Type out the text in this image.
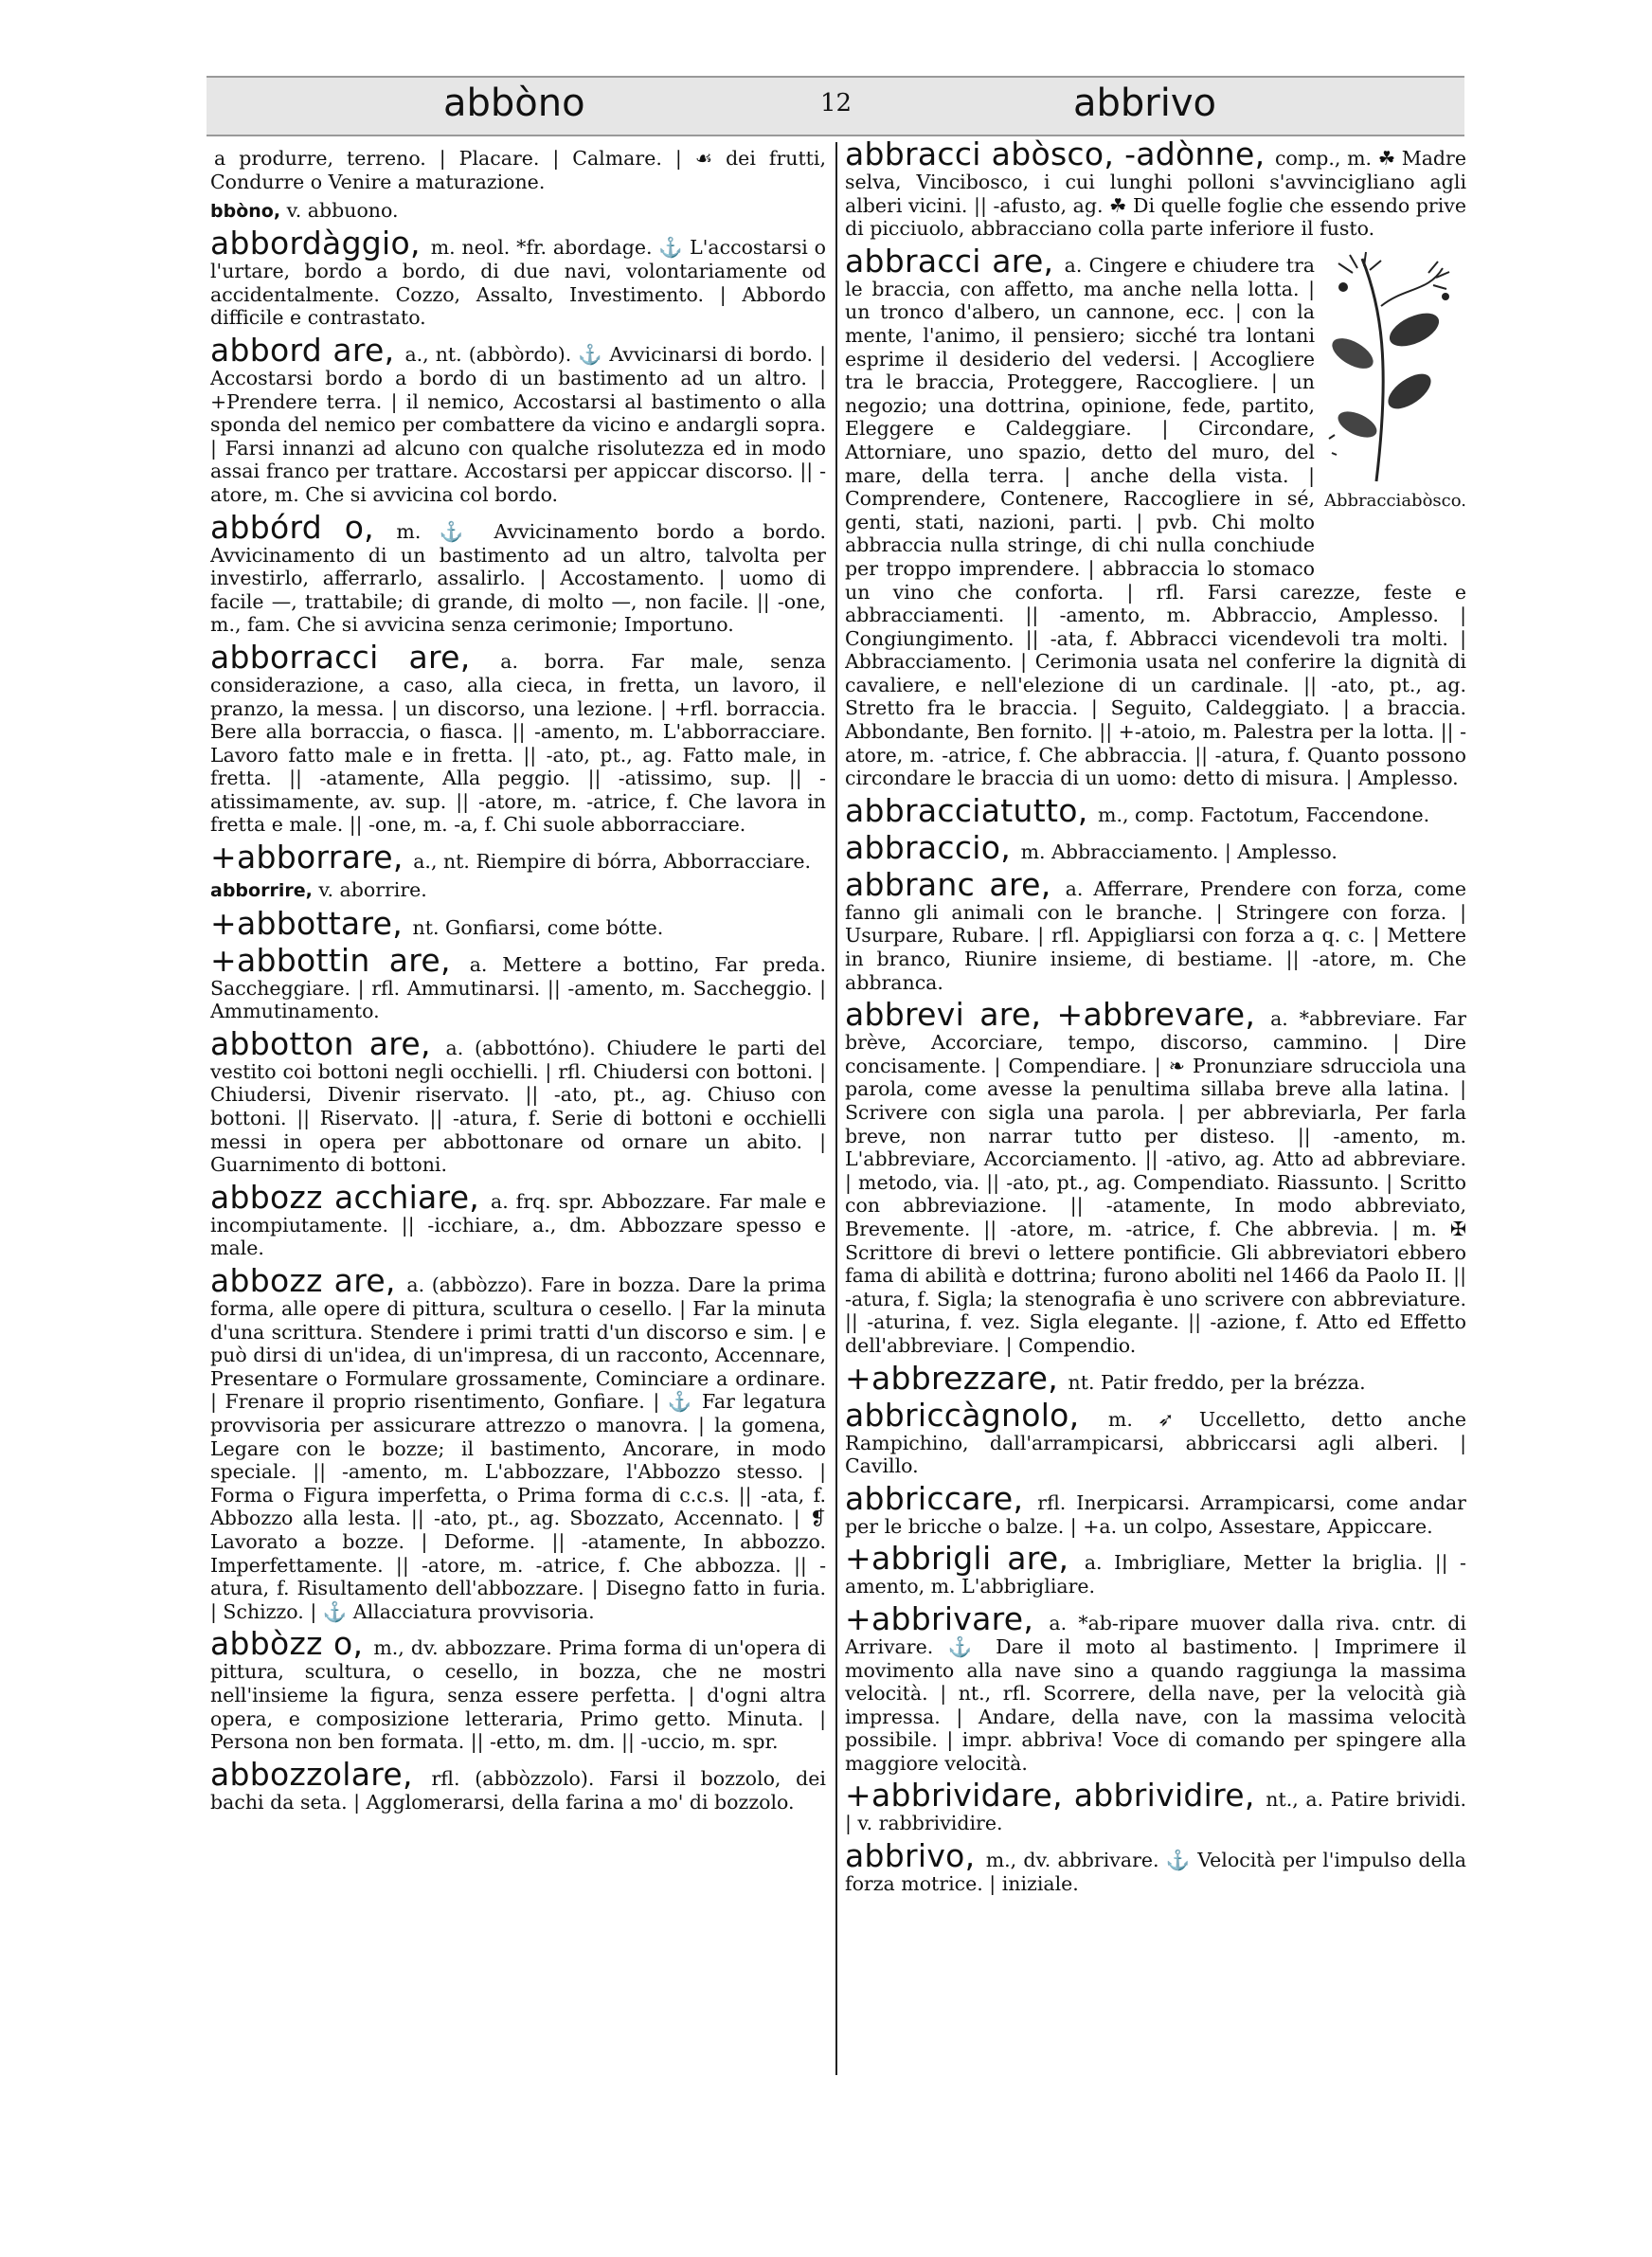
abbòno	12	abbrivo

a produrre, terreno. | Placare. | Calmare. | ☙ dei frutti, Condurre o Venire a maturazione.

bbòno, v. abbuono.

abbordàggio, m. neol. *fr. abordage. ⚓ L'accostarsi o l'urtare, bordo a bordo, di due navi, volontariamente od accidentalmente. Cozzo, Assalto, Investimento. | Abbordo difficile e contrastato.

abbord are, a., nt. (abbòrdo). ⚓ Avvicinarsi di bordo. | Accostarsi bordo a bordo di un bastimento ad un altro. | +Prendere terra. | il nemico, Accostarsi al bastimento o alla sponda del nemico per combattere da vicino e andargli sopra. | Farsi innanzi ad alcuno con qualche risolutezza ed in modo assai franco per trattare. Accostarsi per appiccar discorso. || -atore, m. Che si avvicina col bordo.

abbórd o, m. ⚓ Avvicinamento bordo a bordo. Avvicinamento di un bastimento ad un altro, talvolta per investirlo, afferrarlo, assalirlo. | Accostamento. | uomo di facile —, trattabile; di grande, di molto —, non facile. || -one, m., fam. Che si avvicina senza cerimonie; Importuno.

abborracci are, a. borra. Far male, senza considerazione, a caso, alla cieca, in fretta, un lavoro, il pranzo, la messa. | un discorso, una lezione. | +rfl. borraccia. Bere alla borraccia, o fiasca. || -amento, m. L'abborracciare. Lavoro fatto male e in fretta. || -ato, pt., ag. Fatto male, in fretta. || -atamente, Alla peggio. || -atissimo, sup. || -atissimamente, av. sup. || -atore, m. -atrice, f. Che lavora in fretta e male. || -one, m. -a, f. Chi suole abborracciare.

+abborrare, a., nt. Riempire di bórra, Abborracciare.

abborrire, v. aborrire.

+abbottare, nt. Gonfiarsi, come bótte.

+abbottin are, a. Mettere a bottino, Far preda. Saccheggiare. | rfl. Ammutinarsi. || -amento, m. Saccheggio. | Ammutinamento.

abbotton are, a. (abbottóno). Chiudere le parti del vestito coi bottoni negli occhielli. | rfl. Chiudersi con bottoni. | Chiudersi, Divenir riservato. || -ato, pt., ag. Chiuso con bottoni. || Riservato. || -atura, f. Serie di bottoni e occhielli messi in opera per abbottonare od ornare un abito. | Guarnimento di bottoni.

abbozz acchiare, a. frq. spr. Abbozzare. Far male e incompiutamente. || -icchiare, a., dm. Abbozzare spesso e male.

abbozz are, a. (abbòzzo). Fare in bozza. Dare la prima forma, alle opere di pittura, scultura o cesello. | Far la minuta d'una scrittura. Stendere i primi tratti d'un discorso e sim. | e può dirsi di un'idea, di un'impresa, di un racconto, Accennare, Presentare o Formulare grossamente, Cominciare a ordinare. | Frenare il proprio risentimento, Gonfiare. | ⚓ Far legatura provvisoria per assicurare attrezzo o manovra. | la gomena, Legare con le bozze; il bastimento, Ancorare, in modo speciale. || -amento, m. L'abbozzare, l'Abbozzo stesso. | Forma o Figura imperfetta, o Prima forma di c.c.s. || -ata, f. Abbozzo alla lesta. || -ato, pt., ag. Sbozzato, Accennato. | ❡ Lavorato a bozze. | Deforme. || -atamente, In abbozzo. Imperfettamente. || -atore, m. -atrice, f. Che abbozza. || -atura, f. Risultamento dell'abbozzare. | Disegno fatto in furia. | Schizzo. | ⚓ Allacciatura provvisoria.

abbòzz o, m., dv. abbozzare. Prima forma di un'opera di pittura, scultura, o cesello, in bozza, che ne mostri nell'insieme la figura, senza essere perfetta. | d'ogni altra opera, e composizione letteraria, Primo getto. Minuta. | Persona non ben formata. || -etto, m. dm. || -uccio, m. spr.

abbozzolare, rfl. (abbòzzolo). Farsi il bozzolo, dei bachi da seta. | Agglomerarsi, della farina a mo' di bozzolo.

abbracci abòsco, -adònne, comp., m. ☘ Madre selva, Vincibosco, i cui lunghi polloni s'avvincigliano agli alberi vicini. || -afusto, ag. ☘ Di quelle foglie che essendo prive di picciuolo, abbracciano colla parte inferiore il fusto.

Abbracciabòsco.

abbracci are, a. Cingere e chiudere tra le braccia, con affetto, ma anche nella lotta. | un tronco d'albero, un cannone, ecc. | con la mente, l'animo, il pensiero; sicché tra lontani esprime il desiderio del vedersi. | Accogliere tra le braccia, Proteggere, Raccogliere. | un negozio; una dottrina, opinione, fede, partito, Eleggere e Caldeggiare. | Circondare, Attorniare, uno spazio, detto del muro, del mare, della terra. | anche della vista. | Comprendere, Contenere, Raccogliere in sé, genti, stati, nazioni, parti. | pvb. Chi molto abbraccia nulla stringe, di chi nulla conchiude per troppo imprendere. | abbraccia lo stomaco un vino che conforta. | rfl. Farsi carezze, feste e abbracciamenti. || -amento, m. Abbraccio, Amplesso. | Congiungimento. || -ata, f. Abbracci vicendevoli tra molti. | Abbracciamento. | Cerimonia usata nel conferire la dignità di cavaliere, e nell'elezione di un cardinale. || -ato, pt., ag. Stretto fra le braccia. | Seguito, Caldeggiato. | a braccia. Abbondante, Ben fornito. || +-atoio, m. Palestra per la lotta. || -atore, m. -atrice, f. Che abbraccia. || -atura, f. Quanto possono circondare le braccia di un uomo: detto di misura. | Amplesso.

abbracciatutto, m., comp. Factotum, Faccendone.

abbraccio, m. Abbracciamento. | Amplesso.

abbranc are, a. Afferrare, Prendere con forza, come fanno gli animali con le branche. | Stringere con forza. | Usurpare, Rubare. | rfl. Appigliarsi con forza a q. c. | Mettere in branco, Riunire insieme, di bestiame. || -atore, m. Che abbranca.

abbrevi are, +abbrevare, a. *abbreviare. Far brève, Accorciare, tempo, discorso, cammino. | Dire concisamente. | Compendiare. | ❧ Pronunziare sdrucciola una parola, come avesse la penultima sillaba breve alla latina. | Scrivere con sigla una parola. | per abbreviarla, Per farla breve, non narrar tutto per disteso. || -amento, m. L'abbreviare, Accorciamento. || -ativo, ag. Atto ad abbreviare. | metodo, via. || -ato, pt., ag. Compendiato. Riassunto. | Scritto con abbreviazione. || -atamente, In modo abbreviato, Brevemente. || -atore, m. -atrice, f. Che abbrevia. | m. ✠ Scrittore di brevi o lettere pontificie. Gli abbreviatori ebbero fama di abilità e dottrina; furono aboliti nel 1466 da Paolo II. || -atura, f. Sigla; la stenografia è uno scrivere con abbreviature. || -aturina, f. vez. Sigla elegante. || -azione, f. Atto ed Effetto dell'abbreviare. | Compendio.

+abbrezzare, nt. Patir freddo, per la brézza.

abbriccàgnolo, m. ➶ Uccelletto, detto anche Rampichino, dall'arrampicarsi, abbriccarsi agli alberi. | Cavillo.

abbriccare, rfl. Inerpicarsi. Arrampicarsi, come andar per le bricche o balze. | +a. un colpo, Assestare, Appiccare.

+abbrigli are, a. Imbrigliare, Metter la briglia. || -amento, m. L'abbrigliare.

+abbrivare, a. *ab-ripare muover dalla riva. cntr. di Arrivare. ⚓ Dare il moto al bastimento. | Imprimere il movimento alla nave sino a quando raggiunga la massima velocità. | nt., rfl. Scorrere, della nave, per la velocità già impressa. | Andare, della nave, con la massima velocità possibile. | impr. abbriva! Voce di comando per spingere alla maggiore velocità.

+abbrividare, abbrividire, nt., a. Patire brividi. | v. rabbrividire.

abbrivo, m., dv. abbrivare. ⚓ Velocità per l'impulso della forza motrice. | iniziale.
